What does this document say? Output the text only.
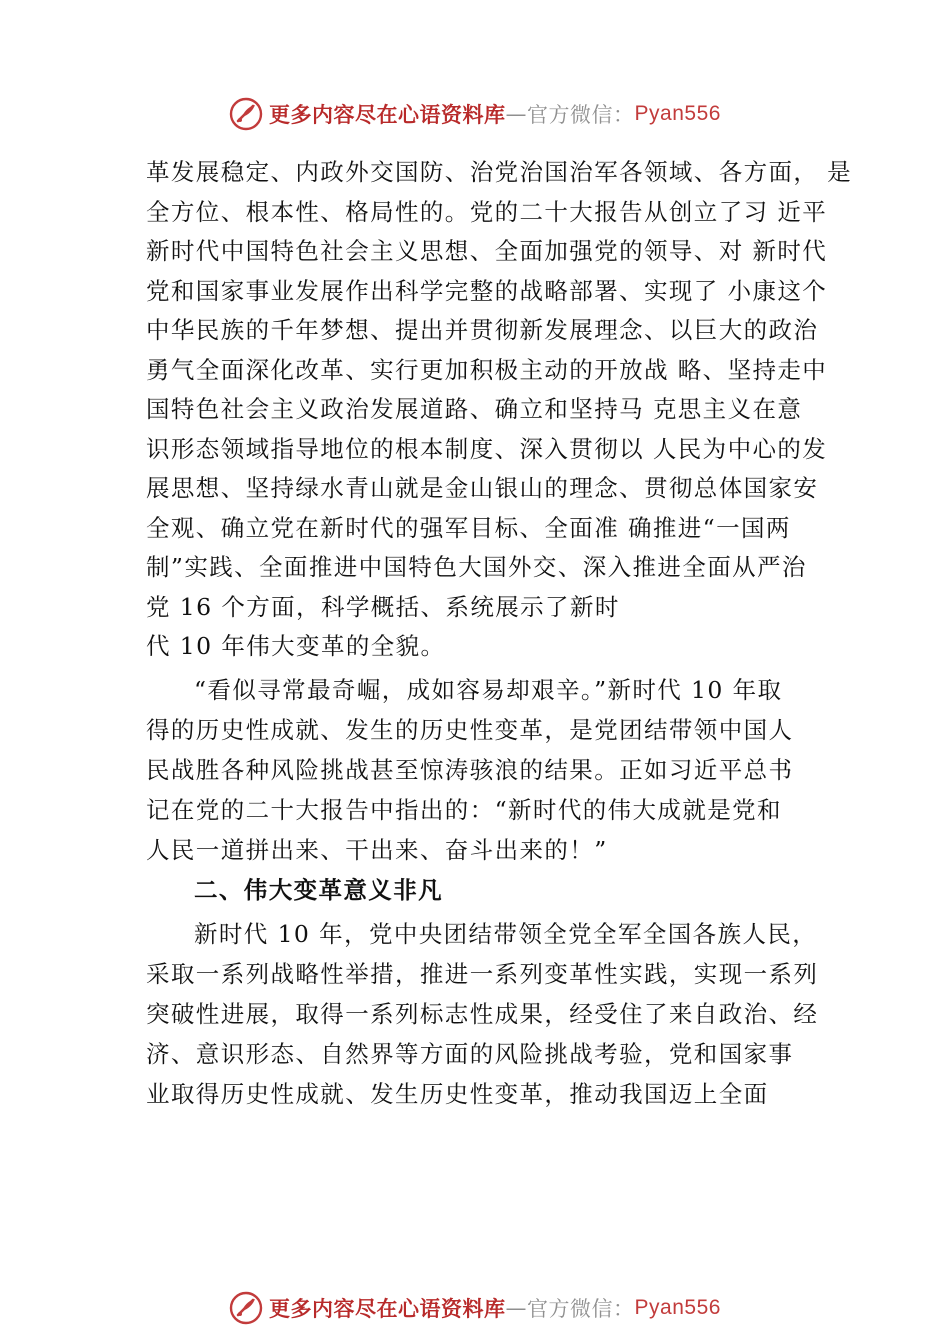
更多内容尽在心语资料库 — 官方微信： Pyan556
革发展稳定、内政外交国防、治党治国治军各领域、各方面， 是
全方位、根本性、格局性的。党的二十大报告从创立了习 近平
新时代中国特色社会主义思想、全面加强党的领导、对 新时代
党和国家事业发展作出科学完整的战略部署、实现了 小康这个
中华民族的千年梦想、提出并贯彻新发展理念、以巨大的政治
勇气全面深化改革、实行更加积极主动的开放战 略、坚持走中
国特色社会主义政治发展道路、确立和坚持马 克思主义在意
识形态领域指导地位的根本制度、深入贯彻以 人民为中心的发
展思想、坚持绿水青山就是金山银山的理念、贯彻总体国家安
全观、确立党在新时代的强军目标、全面准 确推进“一国两
制”实践、全面推进中国特色大国外交、深入推进全面从严治
党 16 个方面，科学概括、系统展示了新时
代 10 年伟大变革的全貌。
“看似寻常最奇崛，成如容易却艰辛。”新时代 10 年取
得的历史性成就、发生的历史性变革，是党团结带领中国人
民战胜各种风险挑战甚至惊涛骇浪的结果。正如习近平总书
记在党的二十大报告中指出的：“新时代的伟大成就是党和
人民一道拼出来、干出来、奋斗出来的！”
二、伟大变革意义非凡
新时代 10 年，党中央团结带领全党全军全国各族人民，
采取一系列战略性举措，推进一系列变革性实践，实现一系列
突破性进展，取得一系列标志性成果，经受住了来自政治、经
济、意识形态、自然界等方面的风险挑战考验，党和国家事
业取得历史性成就、发生历史性变革，推动我国迈上全面
更多内容尽在心语资料库 — 官方微信： Pyan556
